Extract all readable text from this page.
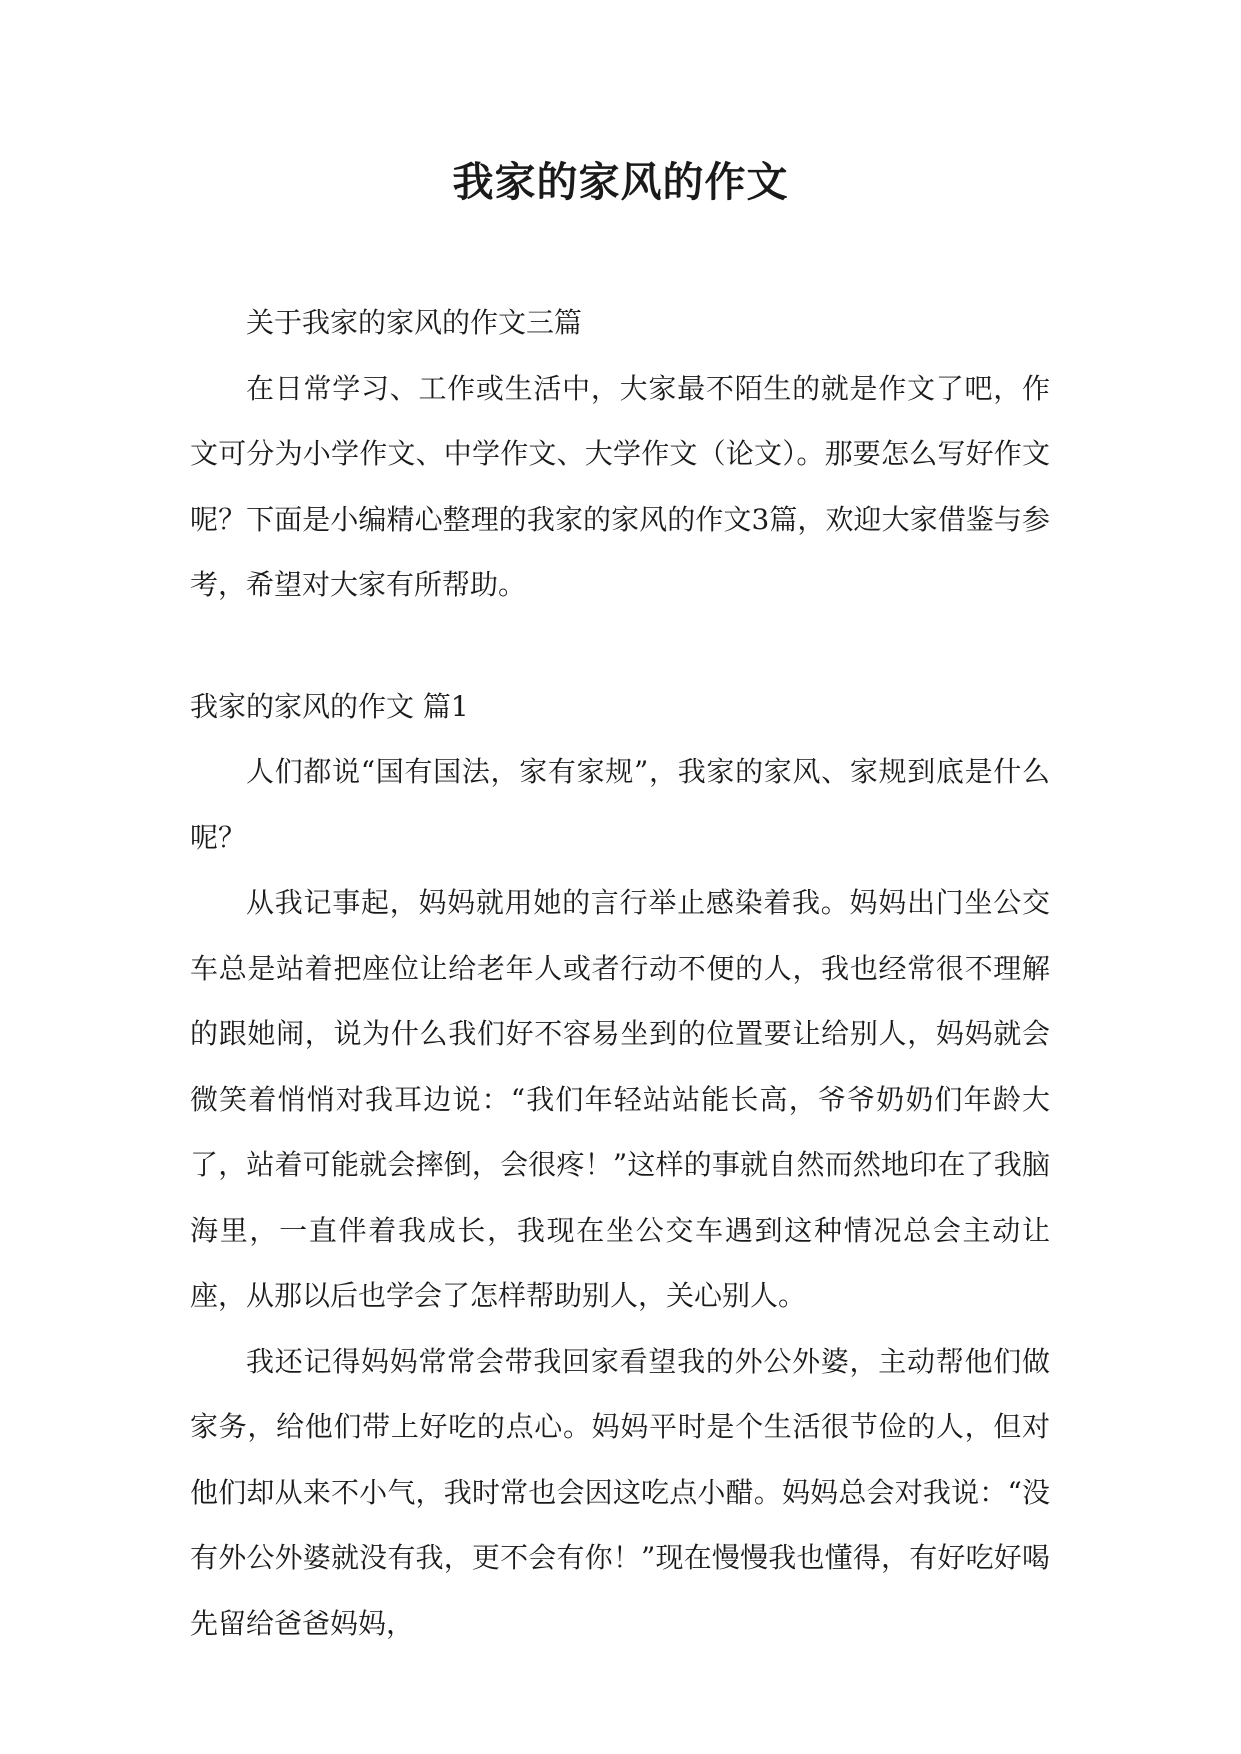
我家的家风的作文

关于我家的家风的作文三篇

在日常学习、工作或生活中，大家最不陌生的就是作文了吧，作文可分为小学作文、中学作文、大学作文（论文）。那要怎么写好作文呢？下面是小编精心整理的我家的家风的作文3篇，欢迎大家借鉴与参考，希望对大家有所帮助。

我家的家风的作文 篇1

人们都说“国有国法，家有家规”，我家的家风、家规到底是什么呢？

从我记事起，妈妈就用她的言行举止感染着我。妈妈出门坐公交车总是站着把座位让给老年人或者行动不便的人，我也经常很不理解的跟她闹，说为什么我们好不容易坐到的位置要让给别人，妈妈就会微笑着悄悄对我耳边说：“我们年轻站站能长高，爷爷奶奶们年龄大了，站着可能就会摔倒，会很疼！”这样的事就自然而然地印在了我脑海里，一直伴着我成长，我现在坐公交车遇到这种情况总会主动让座，从那以后也学会了怎样帮助别人，关心别人。

我还记得妈妈常常会带我回家看望我的外公外婆，主动帮他们做家务，给他们带上好吃的点心。妈妈平时是个生活很节俭的人，但对他们却从来不小气，我时常也会因这吃点小醋。妈妈总会对我说：“没有外公外婆就没有我，更不会有你！”现在慢慢我也懂得，有好吃好喝先留给爸爸妈妈，
